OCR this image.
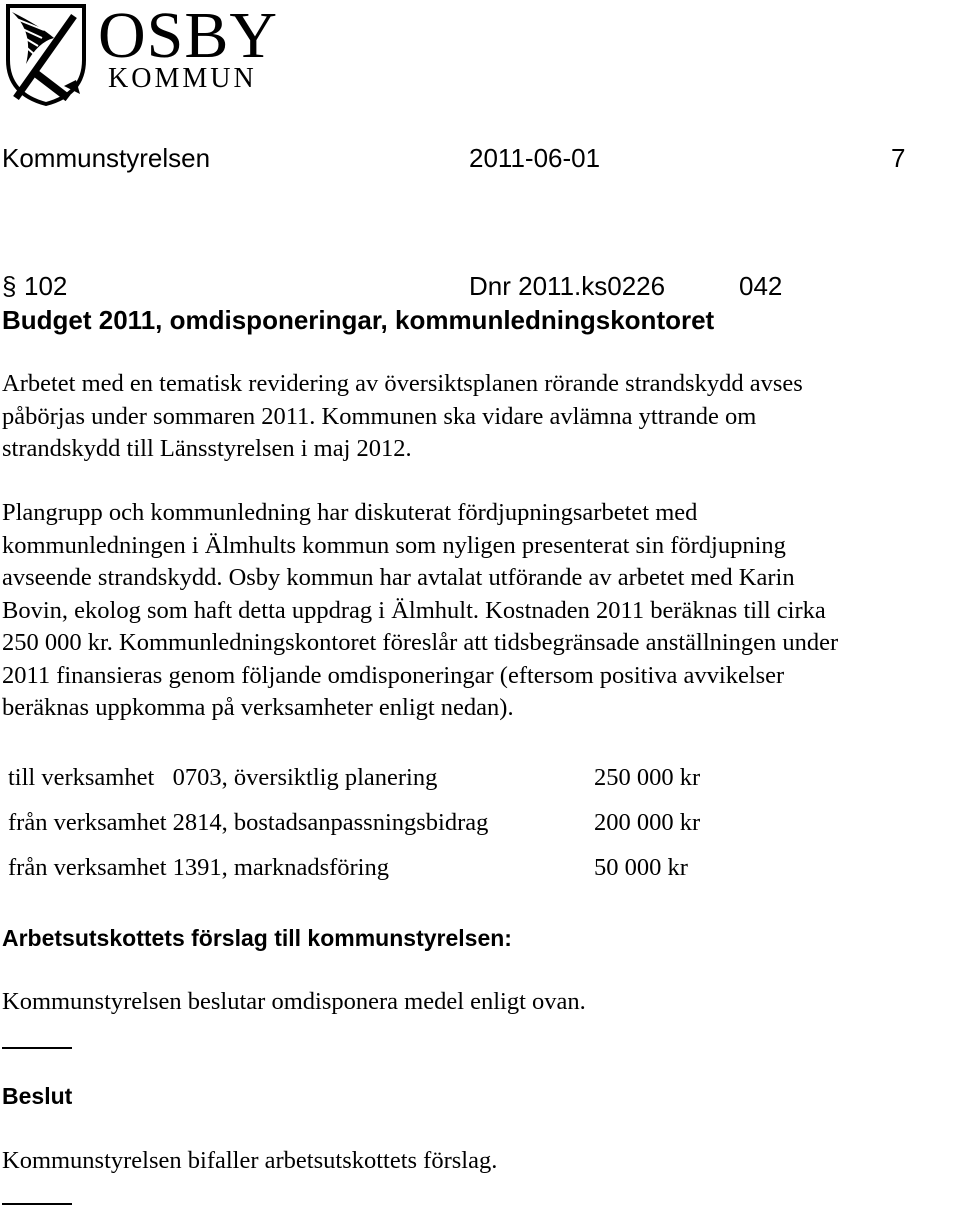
OSBY
KOMMUN
Kommunstyrelsen	2011-06-01	7
§ 102	Dnr 2011.ks0226	042
Budget 2011, omdisponeringar, kommunledningskontoret
Arbetet med en tematisk revidering av översiktsplanen rörande strandskydd avses
påbörjas under sommaren 2011. Kommunen ska vidare avlämna yttrande om
strandskydd till Länsstyrelsen i maj 2012.
Plangrupp och kommunledning har diskuterat fördjupningsarbetet med
kommunledningen i Älmhults kommun som nyligen presenterat sin fördjupning
avseende strandskydd. Osby kommun har avtalat utförande av arbetet med Karin
Bovin, ekolog som haft detta uppdrag i Älmhult. Kostnaden 2011 beräknas till cirka
250 000 kr. Kommunledningskontoret föreslår att tidsbegränsade anställningen under
2011 finansieras genom följande omdisponeringar (eftersom positiva avvikelser
beräknas uppkomma på verksamheter enligt nedan).
till verksamhet   0703, översiktlig planering	250 000 kr
från verksamhet 2814, bostadsanpassningsbidrag	200 000 kr
från verksamhet 1391, marknadsföring	50 000 kr
Arbetsutskottets förslag till kommunstyrelsen:
Kommunstyrelsen beslutar omdisponera medel enligt ovan.
Beslut
Kommunstyrelsen bifaller arbetsutskottets förslag.
